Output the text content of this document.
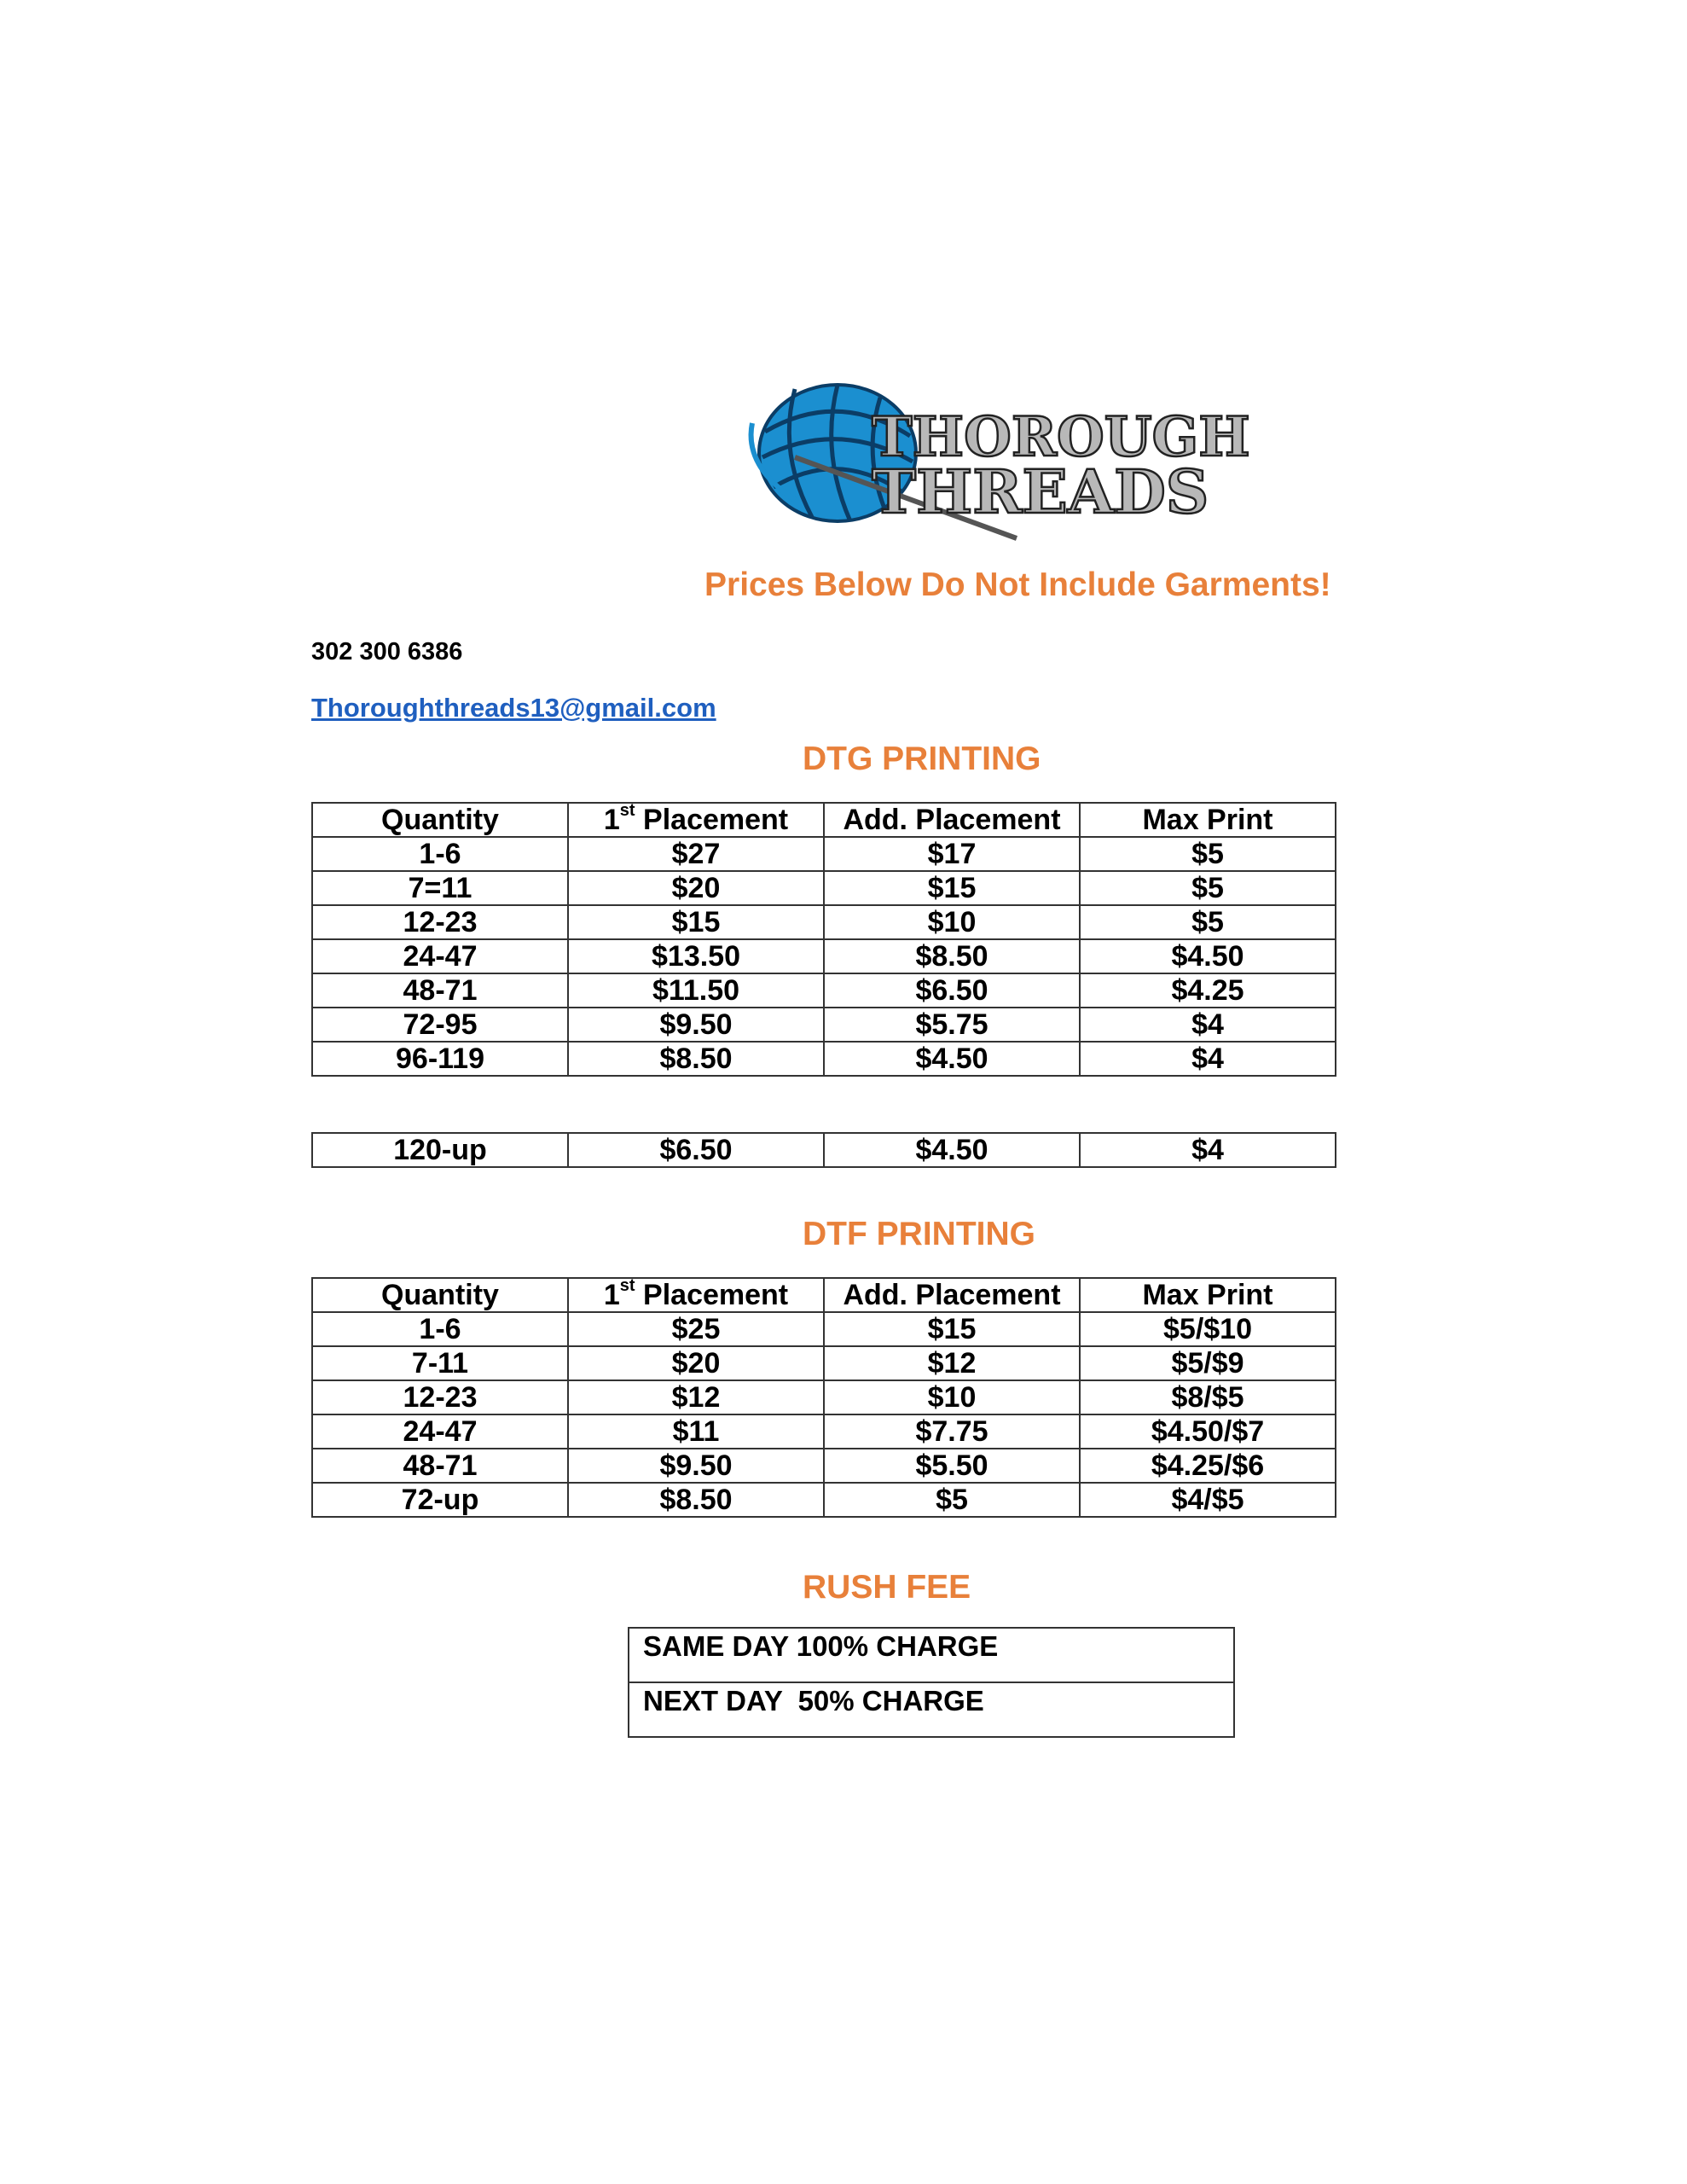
THOROUGH
THREADS
Prices Below Do Not Include Garments!
302 300 6386
Thoroughthreads13@gmail.com
DTG PRINTING
Quantity	1st Placement	Add. Placement	Max Print
1-6	$27	$17	$5
7=11	$20	$15	$5
12-23	$15	$10	$5
24-47	$13.50	$8.50	$4.50
48-71	$11.50	$6.50	$4.25
72-95	$9.50	$5.75	$4
96-119	$8.50	$4.50	$4
120-up	$6.50	$4.50	$4
DTF PRINTING
Quantity	1st Placement	Add. Placement	Max Print
1-6	$25	$15	$5/$10
7-11	$20	$12	$5/$9
12-23	$12	$10	$8/$5
24-47	$11	$7.75	$4.50/$7
48-71	$9.50	$5.50	$4.25/$6
72-up	$8.50	$5	$4/$5
RUSH FEE
SAME DAY 100% CHARGE
NEXT DAY  50% CHARGE
